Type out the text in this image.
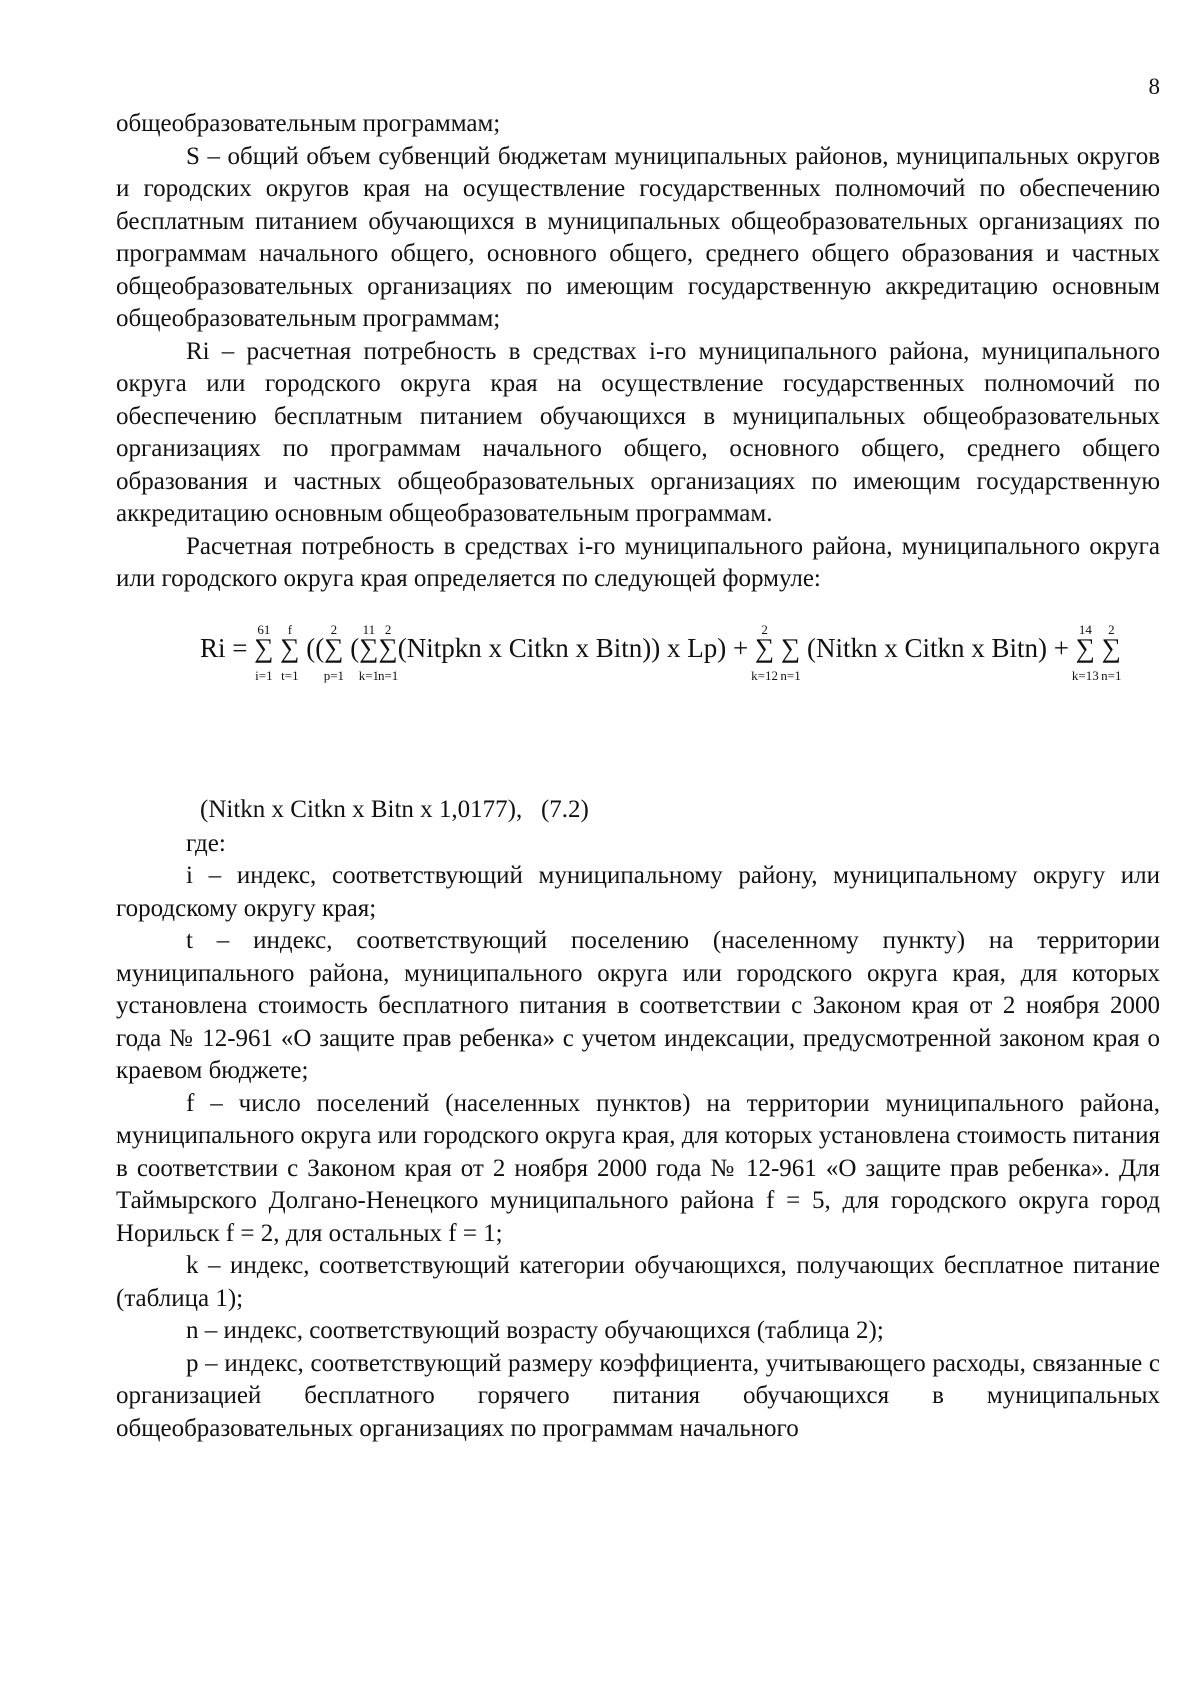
8

общеобразовательным программам;

S – общий объем субвенций бюджетам муниципальных районов, муниципальных округов и городских округов края на осуществление государственных полномочий по обеспечению бесплатным питанием обучающихся в муниципальных общеобразовательных организациях по программам начального общего, основного общего, среднего общего образования и частных общеобразовательных организациях по имеющим государственную аккредитацию основным общеобразовательным программам;

Ri – расчетная потребность в средствах i-го муниципального района, муниципального округа или городского округа края на осуществление государственных полномочий по обеспечению бесплатным питанием обучающихся в муниципальных общеобразовательных организациях по программам начального общего, основного общего, среднего общего образования и частных общеобразовательных организациях по имеющим государственную аккредитацию основным общеобразовательным программам.

Расчетная потребность в средствах i-го муниципального района, муниципального округа или городского округа края определяется по следующей формуле:

Ri = ∑
61
i=1
∑
f
t=1
((∑
2
p=1
(∑
11
k=1
∑
2
n=1
(Nitpkn x Citkn x Bitn)) x Lp) + ∑
2
k=12
∑
n=1
(Nitkn x Citkn x Bitn) + ∑
14
k=13
∑
2
n=1
(Nitkn x Citkn x Bitn x 1,0177), (7.2)

где:

i – индекс, соответствующий муниципальному району, муниципальному округу или городскому округу края;

t – индекс, соответствующий поселению (населенному пункту) на территории муниципального района, муниципального округа или городского округа края, для которых установлена стоимость бесплатного питания в соответствии с Законом края от 2 ноября 2000 года № 12-961 «О защите прав ребенка» с учетом индексации, предусмотренной законом края о краевом бюджете;

f – число поселений (населенных пунктов) на территории муниципального района, муниципального округа или городского округа края, для которых установлена стоимость питания в соответствии с Законом края от 2 ноября 2000 года № 12-961 «О защите прав ребенка». Для Таймырского Долгано-Ненецкого муниципального района f = 5, для городского округа город Норильск f = 2, для остальных f = 1;

k – индекс, соответствующий категории обучающихся, получающих бесплатное питание (таблица 1);

n – индекс, соответствующий возрасту обучающихся (таблица 2);

p – индекс, соответствующий размеру коэффициента, учитывающего расходы, связанные с организацией бесплатного горячего питания обучающихся в муниципальных общеобразовательных организациях по программам начального
